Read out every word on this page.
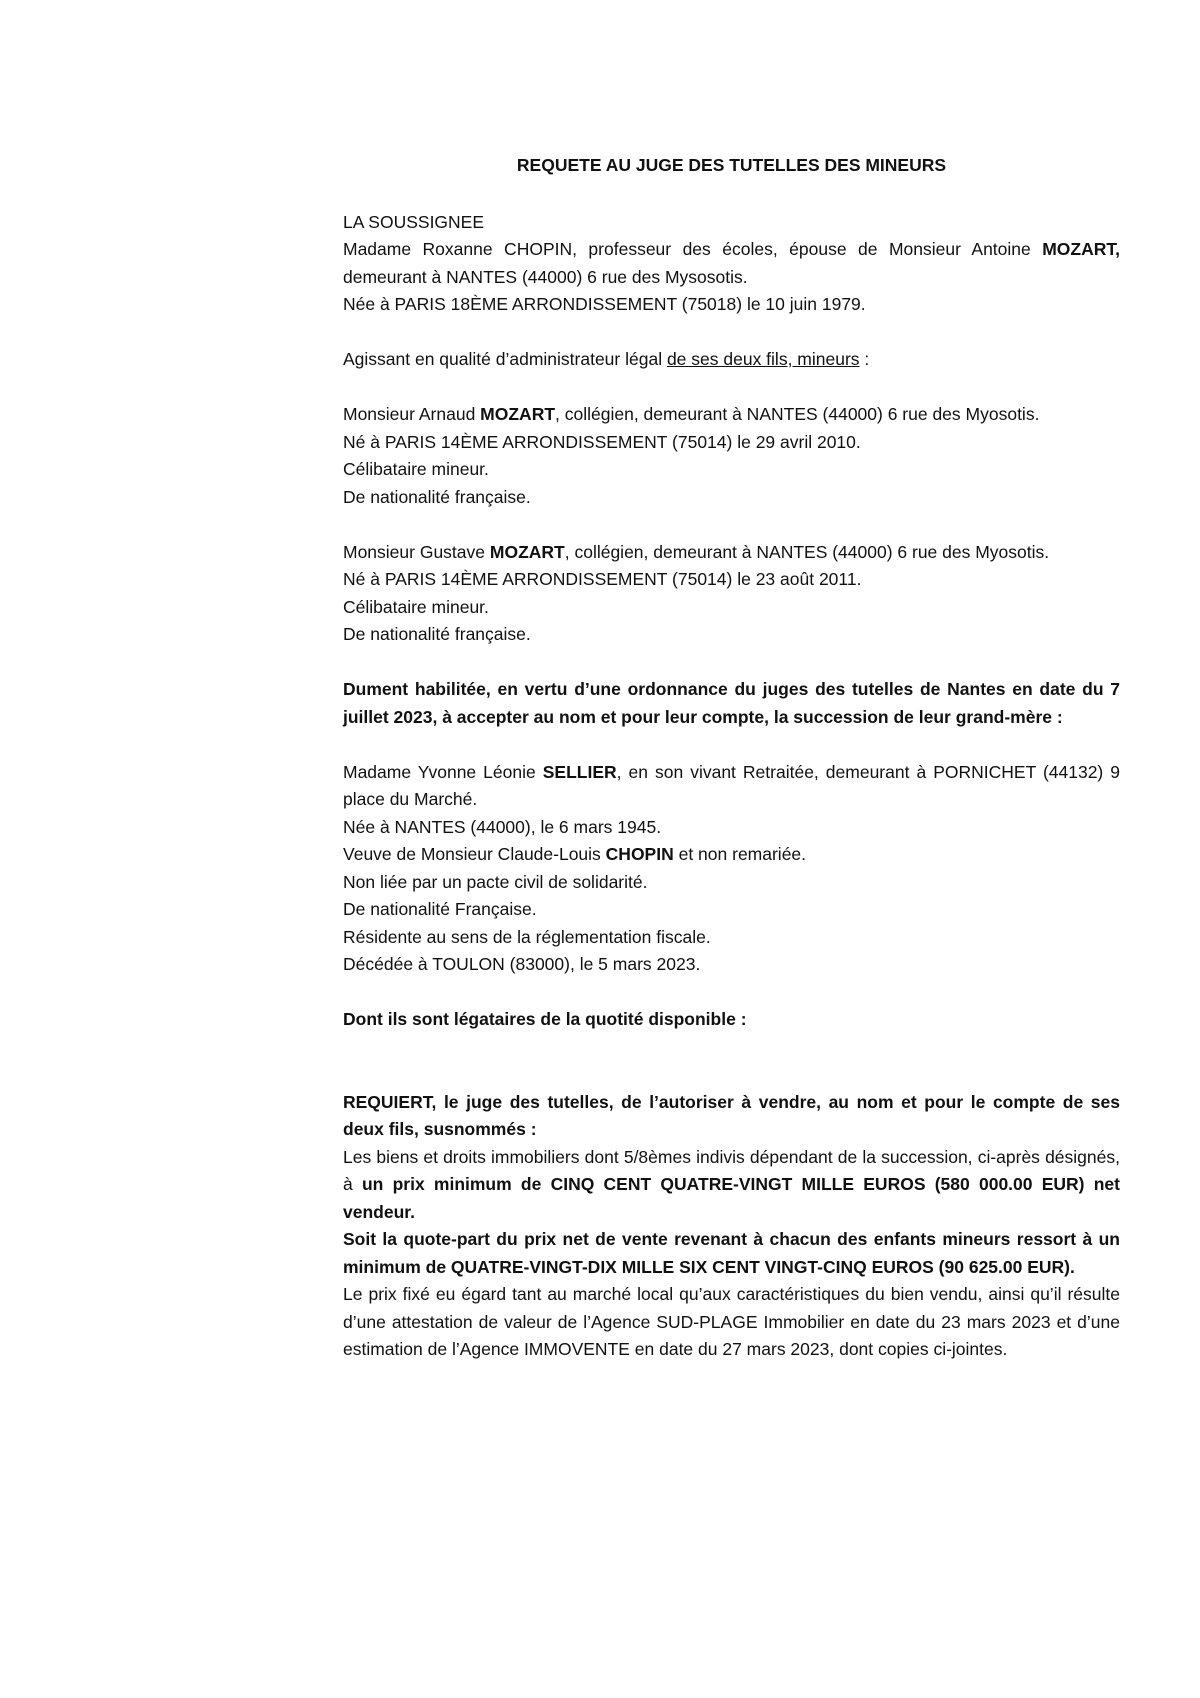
REQUETE AU JUGE DES TUTELLES DES MINEURS

LA SOUSSIGNEE

Madame Roxanne CHOPIN, professeur des écoles, épouse de Monsieur Antoine MOZART, demeurant à NANTES (44000) 6 rue des Mysosotis.

Née à PARIS 18ÈME ARRONDISSEMENT (75018) le 10 juin 1979.

Agissant en qualité d’administrateur légal de ses deux fils, mineurs :

Monsieur Arnaud MOZART, collégien, demeurant à NANTES (44000) 6 rue des Myosotis.

Né à PARIS 14ÈME ARRONDISSEMENT (75014) le 29 avril 2010.

Célibataire mineur.

De nationalité française.

Monsieur Gustave MOZART, collégien, demeurant à NANTES (44000) 6 rue des Myosotis.

Né à PARIS 14ÈME ARRONDISSEMENT (75014) le 23 août 2011.

Célibataire mineur.

De nationalité française.

Dument habilitée, en vertu d’une ordonnance du juges des tutelles de Nantes en date du 7 juillet 2023, à accepter au nom et pour leur compte, la succession de leur grand-mère :

Madame Yvonne Léonie SELLIER, en son vivant Retraitée, demeurant à PORNICHET (44132) 9 place du Marché.

Née à NANTES (44000), le 6 mars 1945.

Veuve de Monsieur Claude-Louis CHOPIN et non remariée.

Non liée par un pacte civil de solidarité.

De nationalité Française.

Résidente au sens de la réglementation fiscale.

Décédée à TOULON (83000), le 5 mars 2023.

Dont ils sont légataires de la quotité disponible :

REQUIERT, le juge des tutelles, de l’autoriser à vendre, au nom et pour le compte de ses deux fils, susnommés :

Les biens et droits immobiliers dont 5/8èmes indivis dépendant de la succession, ci-après désignés, à un prix minimum de CINQ CENT QUATRE-VINGT MILLE EUROS (580 000.00 EUR) net vendeur.

Soit la quote-part du prix net de vente revenant à chacun des enfants mineurs ressort à un minimum de QUATRE-VINGT-DIX MILLE SIX CENT VINGT-CINQ EUROS (90 625.00 EUR).

Le prix fixé eu égard tant au marché local qu’aux caractéristiques du bien vendu, ainsi qu’il résulte d’une attestation de valeur de l’Agence SUD-PLAGE Immobilier en date du 23 mars 2023 et d’une estimation de l’Agence IMMOVENTE en date du 27 mars 2023, dont copies ci-jointes.
